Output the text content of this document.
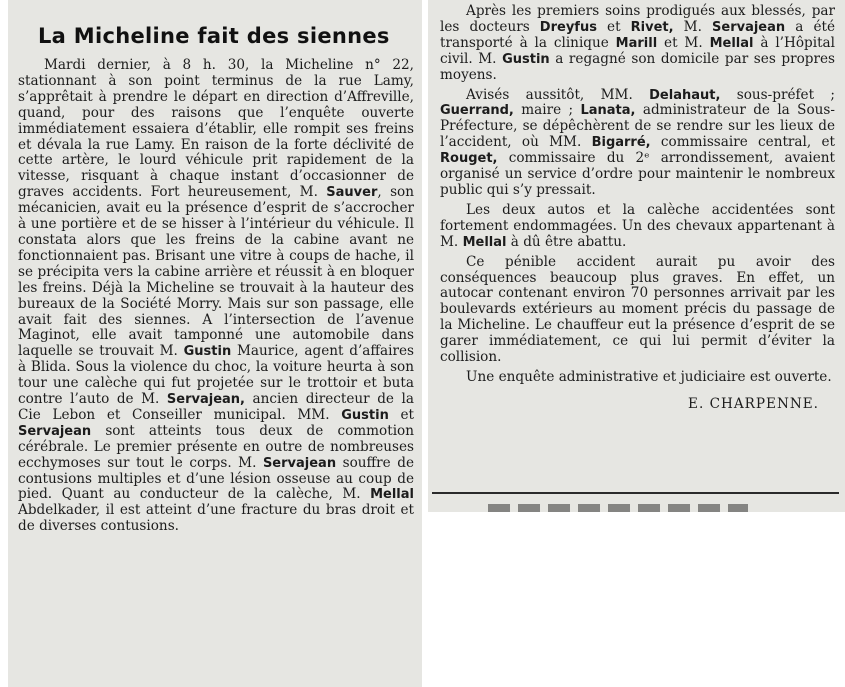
La Micheline fait des siennes

Mardi dernier, à 8 h. 30, la Micheline n° 22, stationnant à son point terminus de la rue Lamy, s’apprêtait à prendre le départ en direction d’Affreville, quand, pour des raisons que l’enquête ouverte immédiatement essaiera d’établir, elle rompit ses freins et dévala la rue Lamy. En raison de la forte déclivité de cette artère, le lourd véhicule prit rapidement de la vitesse, risquant à chaque instant d’occasionner de graves accidents. Fort heureusement, M. Sauver, son mécanicien, avait eu la présence d’esprit de s’accrocher à une portière et de se hisser à l’intérieur du véhicule. Il constata alors que les freins de la cabine avant ne fonctionnaient pas. Brisant une vitre à coups de hache, il se précipita vers la cabine arrière et réussit à en bloquer les freins. Déjà la Micheline se trouvait à la hauteur des bureaux de la Société Morry. Mais sur son passage, elle avait fait des siennes. A l’intersection de l’avenue Maginot, elle avait tamponné une automobile dans laquelle se trouvait M. Gustin Maurice, agent d’affaires à Blida. Sous la violence du choc, la voiture heurta à son tour une calèche qui fut projetée sur le trottoir et buta contre l’auto de M. Servajean, ancien directeur de la Cie Lebon et Conseiller municipal. MM. Gustin et Servajean sont atteints tous deux de commotion cérébrale. Le premier présente en outre de nombreuses ecchymoses sur tout le corps. M. Servajean souffre de contusions multiples et d’une lésion osseuse au coup de pied. Quant au conducteur de la calèche, M. Mellal Abdelkader, il est atteint d’une fracture du bras droit et de diverses contusions.

Après les premiers soins prodigués aux blessés, par les docteurs Dreyfus et Rivet, M. Servajean a été transporté à la clinique Marill et M. Mellal à l’Hôpital civil. M. Gustin a regagné son domicile par ses propres moyens.

Avisés aussitôt, MM. Delahaut, sous-préfet ; Guerrand, maire ; Lanata, administrateur de la Sous-Préfecture, se dépêchèrent de se rendre sur les lieux de l’accident, où MM. Bigarré, commissaire central, et Rouget, commissaire du 2ᵉ arrondissement, avaient organisé un service d’ordre pour maintenir le nombreux public qui s’y pressait.

Les deux autos et la calèche accidentées sont fortement endommagées. Un des chevaux appartenant à M. Mellal à dû être abattu.

Ce pénible accident aurait pu avoir des conséquences beaucoup plus graves. En effet, un autocar contenant environ 70 personnes arrivait par les boulevards extérieurs au moment précis du passage de la Micheline. Le chauffeur eut la présence d’esprit de se garer immédiatement, ce qui lui permit d’éviter la collision.

Une enquête administrative et judiciaire est ouverte.

E. CHARPENNE.
